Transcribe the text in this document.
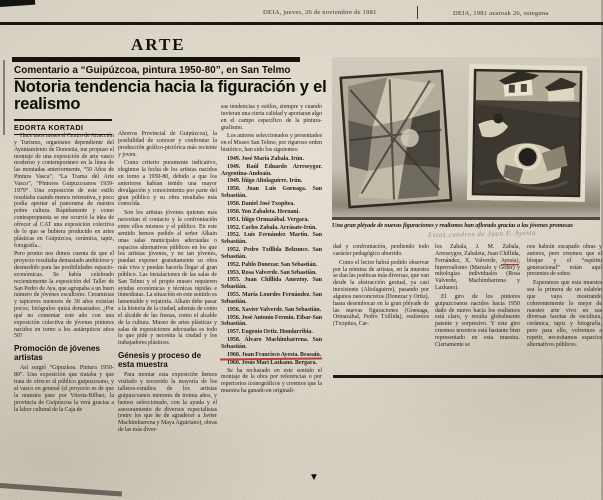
DEIA, jueves, 26 de noviembre de 1981	DEIA, 1981 azaroak 26, osteguna
ARTE
Comentario a “Guipúzcoa, pintura 1950-80”, en San Telmo
Notoria tendencia hacia la figuración y el realismo
EDORTA KORTADI
Una gran pléyade de nuevas figuraciones y realismos han aflorado gracias a las jóvenes promesas
Estos cuadros de Juan F. Ayesta

Hace unos meses el Centro de Atracción y Turismo, organismo dependiente del Ayuntamiento de Donostia, me propuso el montaje de una exposición de arte vasco moderno y contemporáneo en la línea de las montadas anteriormente, “50 Años de Pintura Vasca”, “La Trama del Arte Vasco”, “Pintores Guipuzcoanos 1939-1979”. Una exposición de este estilo resultaba cuando menos reiterativa, y poco podía aportar al panorama de nuestra pobre cultura. Rápidamente y como contrapropuesta se me ocurrió la idea de ofrecer al CAT una exposición colectiva de lo que se hubiera producido en artes plásticas en Guipúzcoa, cerámica, tapiz, fotografía...

Pero pronto nos dimos cuenta de que el proyecto resultaba demasiado ambicioso y desmedido para las posibilidades espacio-económicas. Se había celebrado recientemente la exposición del Taller de San Pedro de Aya, que agrupaba a un buen número de jóvenes escultores. Ceramistas y tapiceros menores de 30 años existían pocos; fotógrafos quizá demasiados. ¿Por qué no comentar este año con una exposición colectiva de jóvenes pintores nacidos en torno a los autárquicos años 50?

Promoción de jóvenes artistas

Así surgió “Gipuzkoa. Pintura 1950-80”. Una exposición que trataba y que trata de ofrecer al público guipuzcoano, y al vasco en general (el proyecto es de que la muestra pase por Vitoria-Bilbao; la provincia de Guipúzcoa la verá gracias a la labor cultural de la Caja de

Ahorros Provincial de Guipúzcoa), la posibilidad de conocer y confrontar la producción gráfico-pictórica más reciente y joven.

Como criterio puramente indicativo, elegimos la fecha de los artistas nacidos en torno a 1950-80, debido a que los anteriores habían tenido una mayor divulgación y conocimiento por parte del gran público y su obra resultaba más conocida.

Son los artistas jóvenes quienes más necesitan el contacto y la confrontación entre ellos mismos y el público. En este sentido hemos pedido al señor Alkain unas salas municipales adecuadas o espacios alternativos públicos en los que los artistas jóvenes, y no tan jóvenes, puedan exponer gratuitamente su obra más viva y puedan hacerla llegar al gran público. Las instalaciones de las salas de San Telmo y el propio museo requieren ayudas económicas y técnicas rápidas e inmediatas. La situación en este sentido es lamentable y vejatoria. Alkain debe pasar a la historia de la ciudad, además de como el alcalde de las fiestas, como el alcalde de la cultura. Museo de artes plásticas y salas de exposiciones adecuadas es todo lo que pide y necesita la ciudad y los trabajadores plásticos.

Génesis y proceso de esta muestra

Para montar esta exposición hemos visitado y recorrido la mayoría de los talleres-estudios de los artistas guipuzcoanos menores de treinta años, y hemos seleccionado, con la ayuda y el asesoramiento de diversos especialistas (entre los que he de agradecer a Javier Machimbarrena y Maya Aguiriano), obras de las más diver-

sas tendencias y estilos, siempre y cuando tuvieran una cierta calidad y aportaran algo en el campo específico de la pintura-grafismo.

Los autores seleccionados y presentados en el Museo San Telmo, por riguroso orden histórico, han sido los siguientes:

1949. José María Zabala. Irún.
1949. Raúl Eduardo Arreseygor. Argentina-Andoain.
1949. Íñigo Altolaguirre. Irún.
1950. Juan Luis Goenaga. San Sebastián.
1950. Daniel José Txopitea.
1950. Yon Zabaleta. Hernani.
1951. Íñigo Ormazábal. Vergara.
1952. Carlos Zabala. Arrásate-Irún.
1952. Luis Fernández Martín. San Sebastián.
1952. Pedro Txillida Belzunce. San Sebastián.
1952. Pablo Donezar. San Sebastián.
1953. Rosa Valverde. San Sebastián.
1955. Juan Chillida Ameztoy. San Sebastián.
1955. María Lourdes Fernández. San Sebastián.
1956. Xavier Valverde. San Sebastián.
1956. José Antonio Fermín. Eibar-San Sebastián.
1957. Eugenio Ortiz. Hondarribia.
1958. Álvaro Machimbarrena. San Sebastián.
1960. Juan Francisco Ayesta. Beasain.
1960. Jesús Mari Lazkano. Bergara.

Se ha rechazado en este sentido el montaje de la obra por referencias o por repertorios iconográficos y creemos que la muestra ha ganado en originali-

dad y confrontación, perdiendo todo carácter pedagógico aburrido.

Como el lector habrá podido observar por la nómina de artistas, en la muestra se dan las poéticas más diversas, que van desde la abstracción gestual, ya casi inexistente (Altolaguirre), pasando por algunos neoconcretos (Donezar y Ortiz), hasta desembocar en la gran pléyade de las nuevas figuraciones (Goenaga, Ormazábal, Pedro Txillida), realismos (Txopitea, Car-

los Zabala, J. M. Zabala, Arreseygor, Zabaleta, Juan Chillida, Fernández, X. Valverde, Ayesta), hiperrealismo (Marzalo y Gofer) y mitologías individuales (Rosa Valverde, Machimbarrena y Lazkano).

El giro de los pintores guipuzcoanos nacidos hacia 1950 dado de nuevo hacia los realismos está claro, y resulta globalmente patente y sorpresivo. Y este giro creemos nosotros está bastante bien representado en esta muestra. Ciertamente se

nos habrán escapado obras y autores, pero creemos que el bloque y el “espíritu generacional” están aquí presentes de sobra.

Esperamos que esta muestra sea la primera de un eslabón que vaya mostrando coherentemente lo mejor de nuestro arte vivo en sus diversas facetas de escultura, cerámica, tapiz y fotografía, pero para ello, volvemos a repetir, necesitamos espacios alternativos públicos.

▼
